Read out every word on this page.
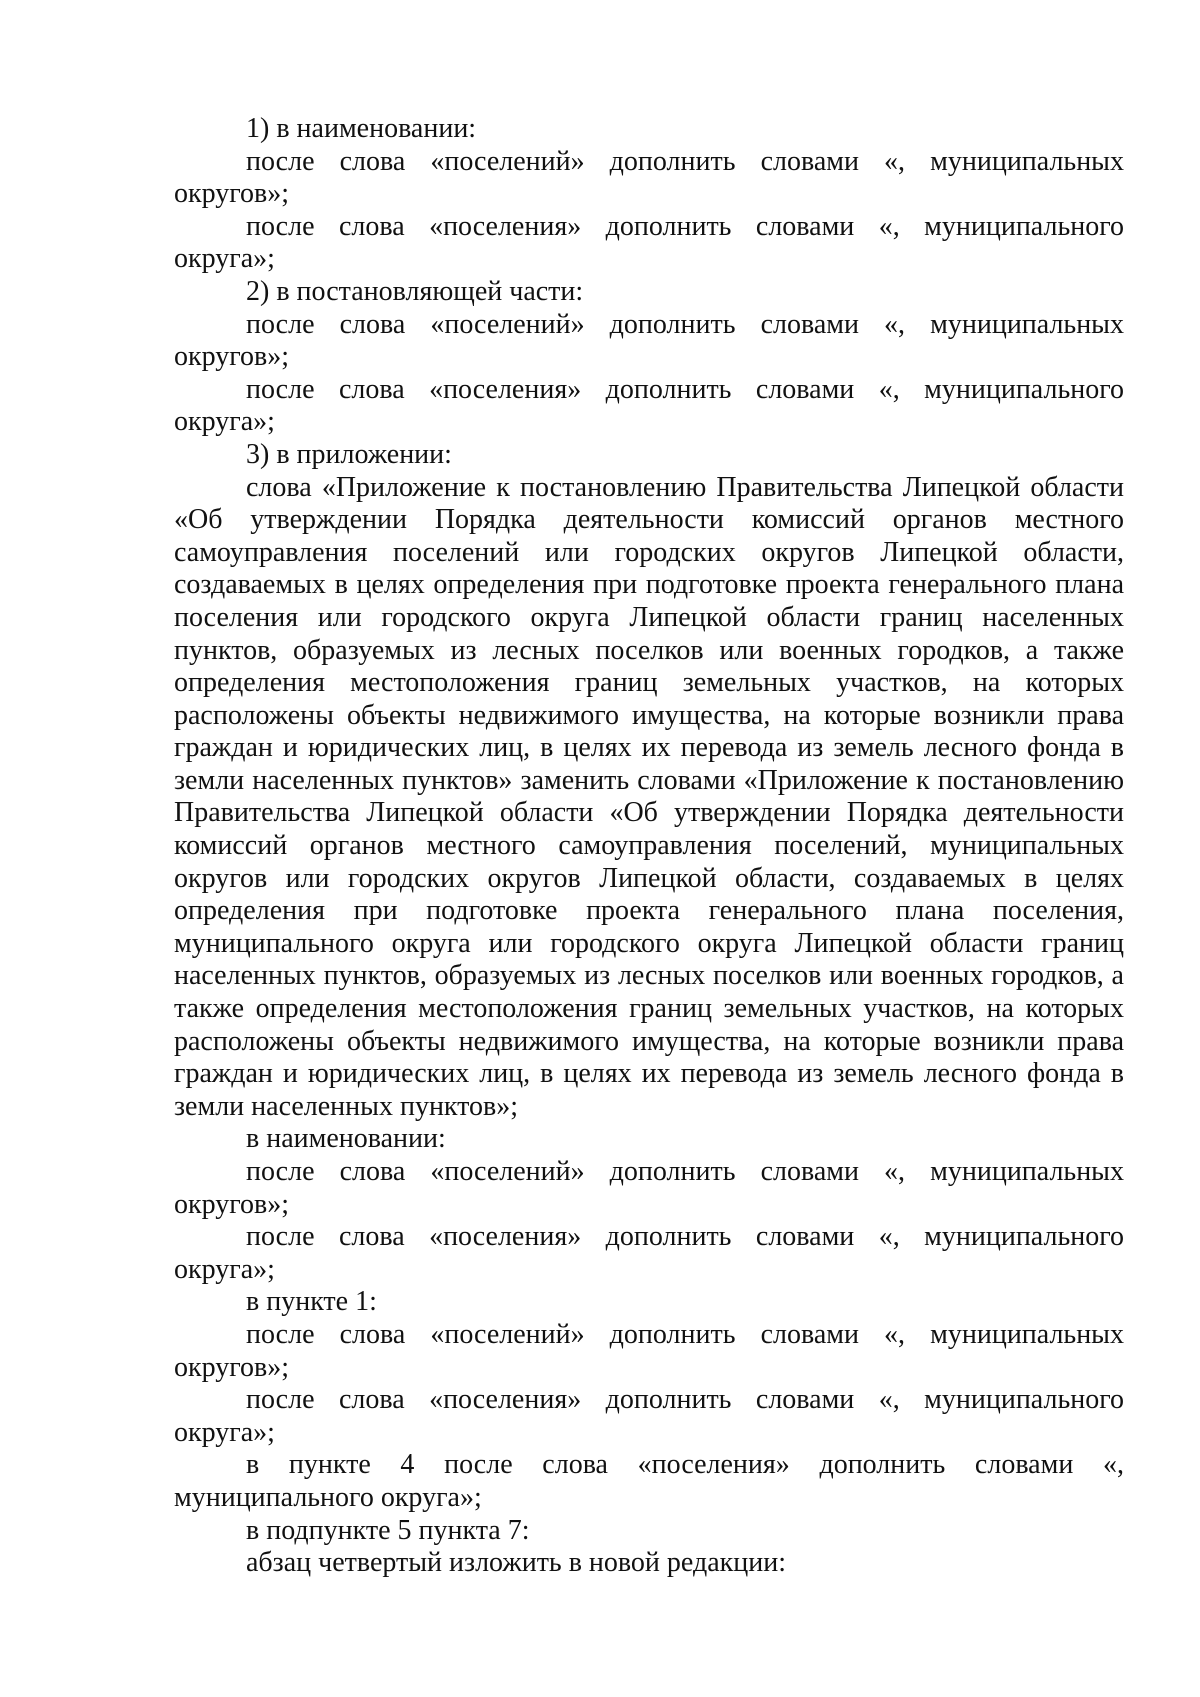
1) в наименовании:

после слова «поселений» дополнить словами «, муниципальных округов»;

после слова «поселения» дополнить словами «, муниципального округа»;

2) в постановляющей части:

после слова «поселений» дополнить словами «, муниципальных округов»;

после слова «поселения» дополнить словами «, муниципального округа»;

3) в приложении:

слова «Приложение к постановлению Правительства Липецкой области «Об утверждении Порядка деятельности комиссий органов местного самоуправления поселений или городских округов Липецкой области, создаваемых в целях определения при подготовке проекта генерального плана поселения или городского округа Липецкой области границ населенных пунктов, образуемых из лесных поселков или военных городков, а также определения местоположения границ земельных участков, на которых расположены объекты недвижимого имущества, на которые возникли права граждан и юридических лиц, в целях их перевода из земель лесного фонда в земли населенных пунктов» заменить словами «Приложение к постановлению Правительства Липецкой области «Об утверждении Порядка деятельности комиссий органов местного самоуправления поселений, муниципальных округов или городских округов Липецкой области, создаваемых в целях определения при подготовке проекта генерального плана поселения, муниципального округа или городского округа Липецкой области границ населенных пунктов, образуемых из лесных поселков или военных городков, а также определения местоположения границ земельных участков, на которых расположены объекты недвижимого имущества, на которые возникли права граждан и юридических лиц, в целях их перевода из земель лесного фонда в земли населенных пунктов»;

в наименовании:

после слова «поселений» дополнить словами «, муниципальных округов»;

после слова «поселения» дополнить словами «, муниципального округа»;

в пункте 1:

после слова «поселений» дополнить словами «, муниципальных округов»;

после слова «поселения» дополнить словами «, муниципального округа»;

в пункте 4 после слова «поселения» дополнить словами «, муниципального округа»;

в подпункте 5 пункта 7:

абзац четвертый изложить в новой редакции:
